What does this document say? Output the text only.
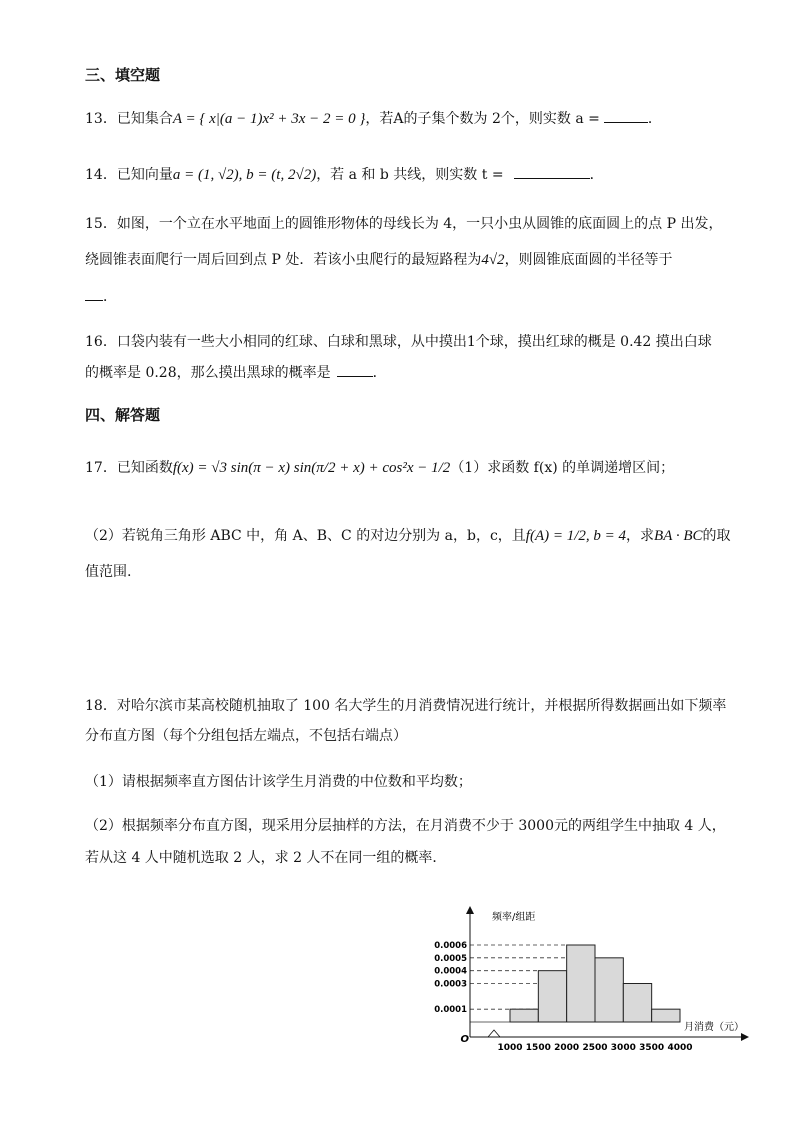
三、填空题
13．已知集合A = { x|(a − 1)x² + 3x − 2 = 0 }，若A的子集个数为 2个，则实数 a =	．
14．已知向量a = (1, √2), b = (t, 2√2)，若 a 和 b 共线，则实数 t =	．
15．如图，一个立在水平地面上的圆锥形物体的母线长为 4，一只小虫从圆锥的底面圆上的点 P 出发，
绕圆锥表面爬行一周后回到点 P 处．若该小虫爬行的最短路程为4√2，则圆锥底面圆的半径等于
．
16．口袋内装有一些大小相同的红球、白球和黑球，从中摸出1个球，摸出红球的概是 0.42 摸出白球
的概率是 0.28，那么摸出黑球的概率是	．
四、解答题
17．已知函数f(x) = √3 sin(π − x) sin(π/2 + x) + cos²x − 1/2（1）求函数 f(x) 的单调递增区间；
（2）若锐角三角形 ABC 中，角 A、B、C 的对边分别为 a，b，c，且f(A) = 1/2, b = 4，求BA · BC的取
值范围.
18．对哈尔滨市某高校随机抽取了 100 名大学生的月消费情况进行统计，并根据所得数据画出如下频率
分布直方图（每个分组包括左端点，不包括右端点）
（1）请根据频率直方图估计该学生月消费的中位数和平均数；
（2）根据频率分布直方图，现采用分层抽样的方法，在月消费不少于 3000元的两组学生中抽取 4 人，
若从这 4 人中随机选取 2 人，求 2 人不在同一组的概率．
频率/组距
月消费（元）
O
1000 1500 2000 2500 3000 3500 4000
0.0001
0.0003
0.0004
0.0005
0.0006
